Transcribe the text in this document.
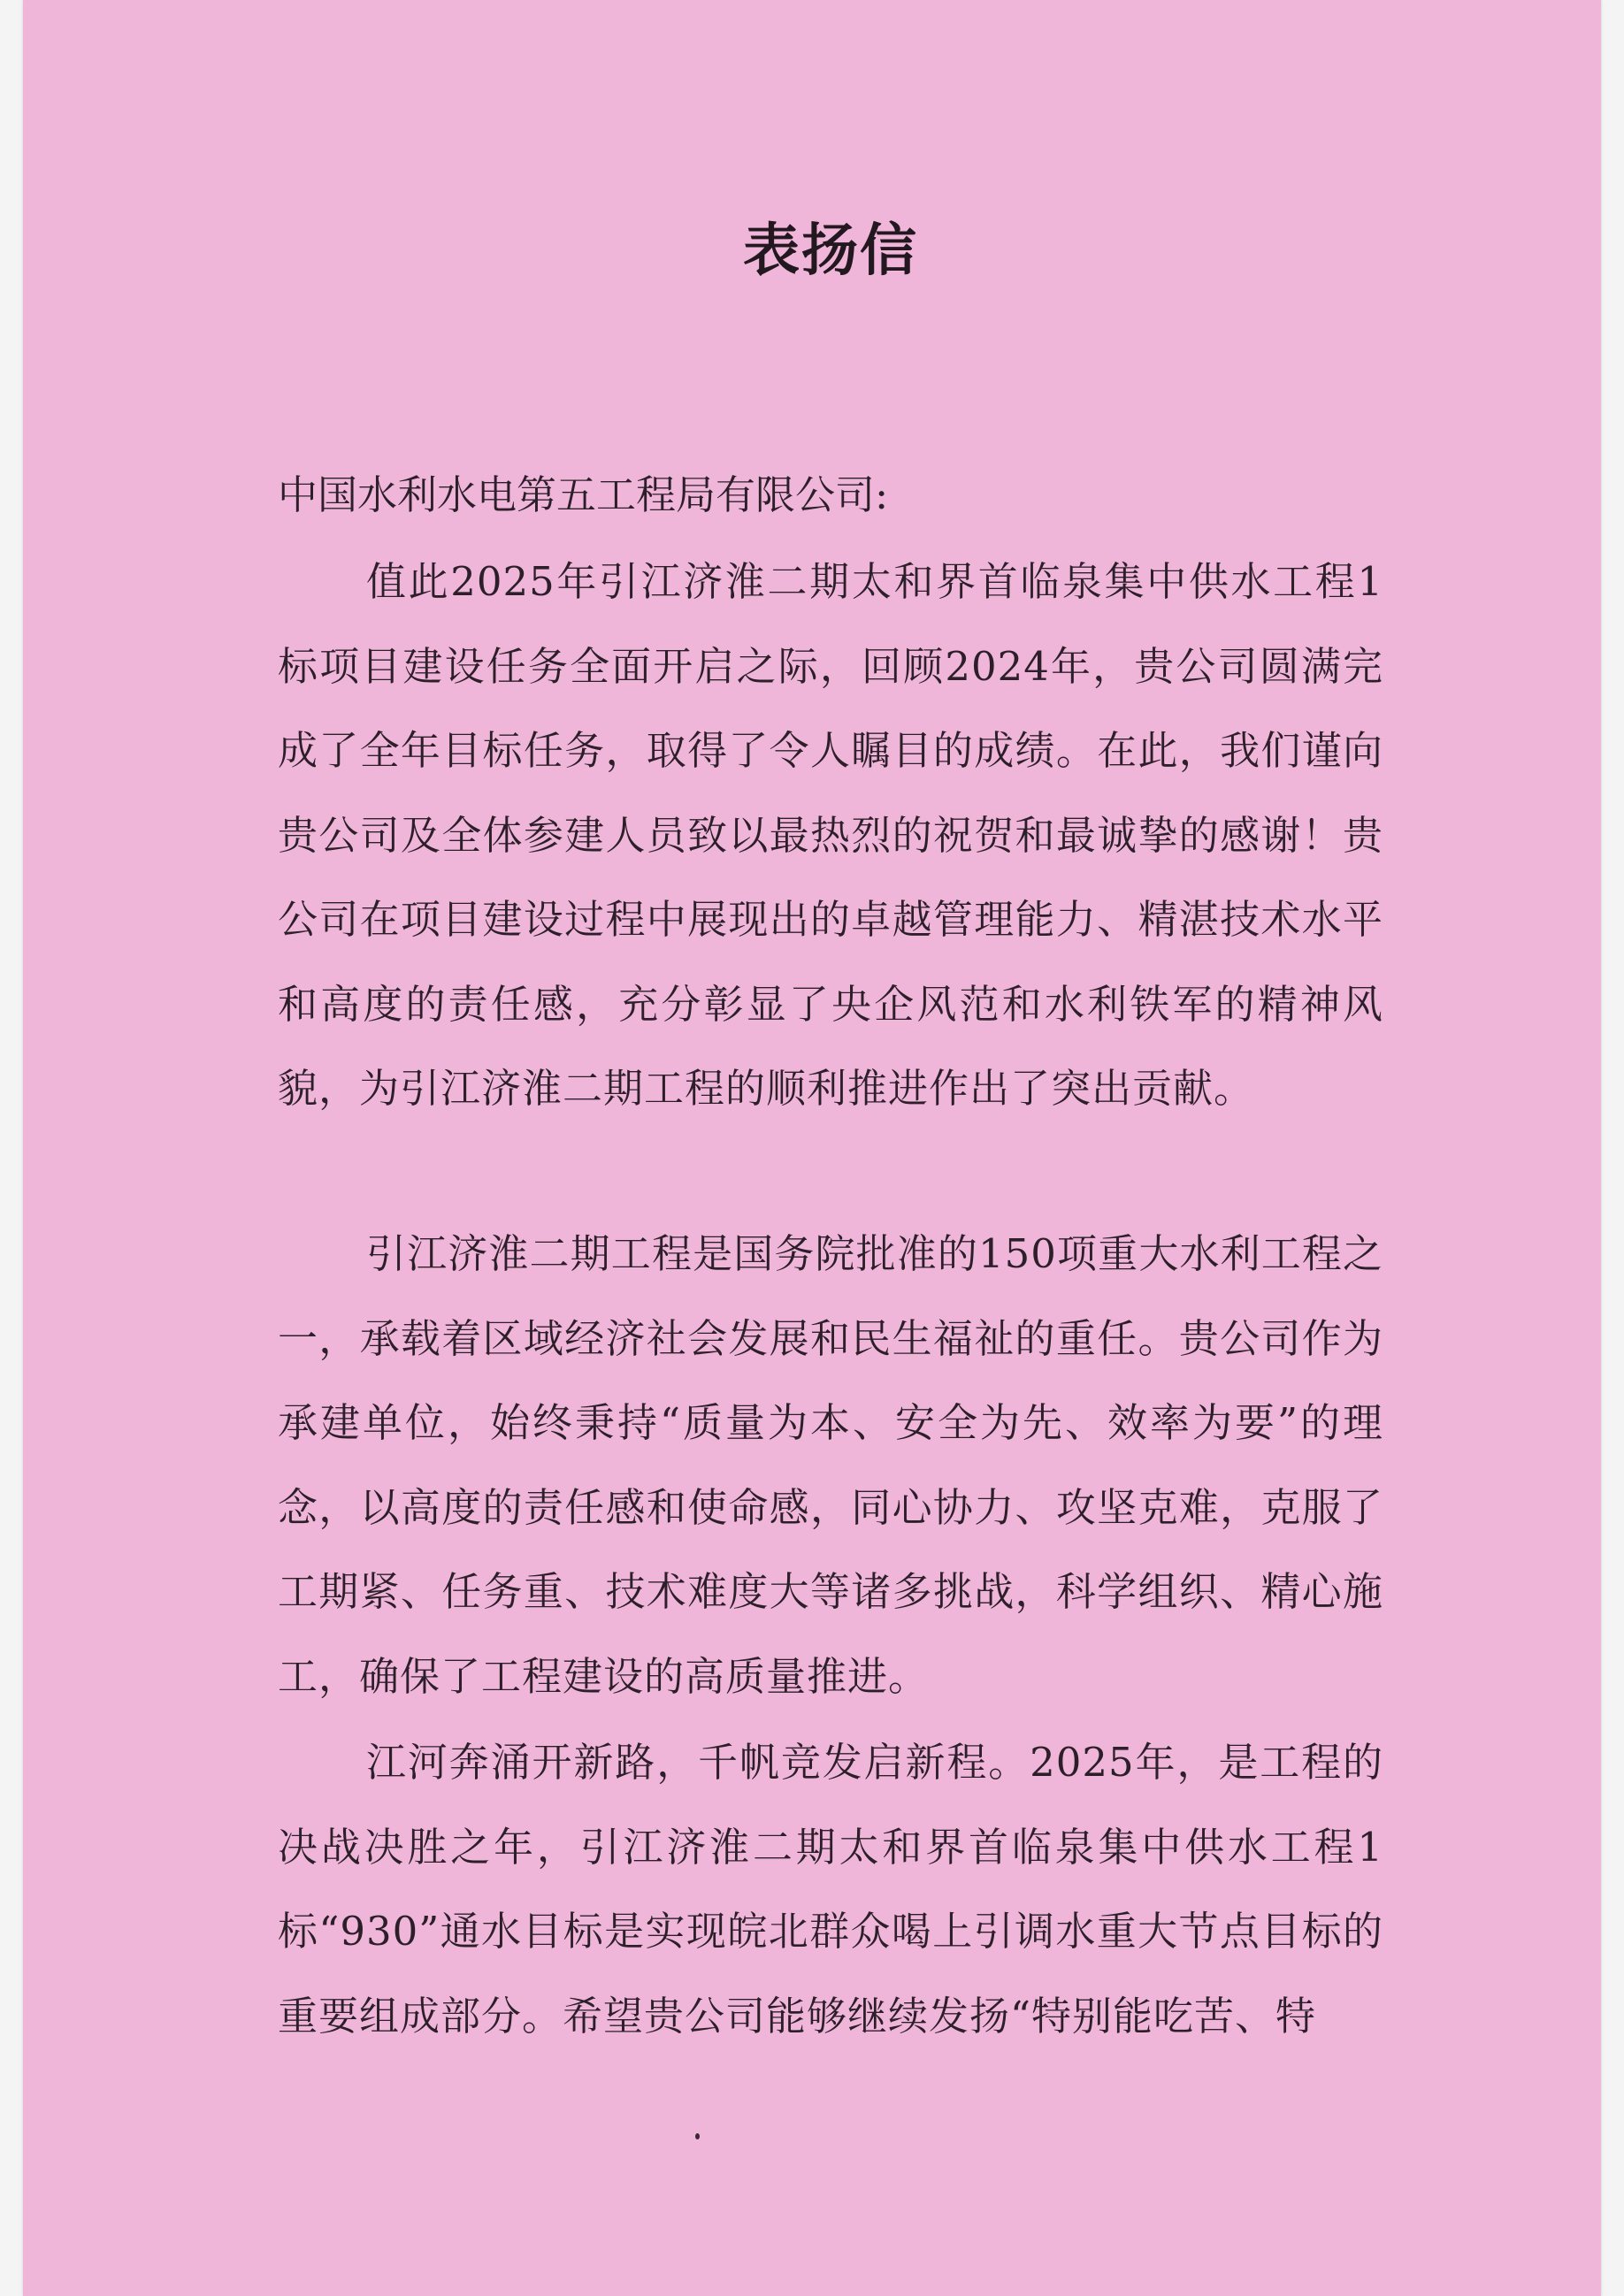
表扬信

中国水利水电第五工程局有限公司:

值此2025年引江济淮二期太和界首临泉集中供水工程1标项目建设任务全面开启之际，回顾2024年，贵公司圆满完成了全年目标任务，取得了令人瞩目的成绩。在此，我们谨向贵公司及全体参建人员致以最热烈的祝贺和最诚挚的感谢！贵公司在项目建设过程中展现出的卓越管理能力、精湛技术水平和高度的责任感，充分彰显了央企风范和水利铁军的精神风貌，为引江济淮二期工程的顺利推进作出了突出贡献。

引江济淮二期工程是国务院批准的150项重大水利工程之一，承载着区域经济社会发展和民生福祉的重任。贵公司作为承建单位，始终秉持“质量为本、安全为先、效率为要”的理念，以高度的责任感和使命感，同心协力、攻坚克难，克服了工期紧、任务重、技术难度大等诸多挑战，科学组织、精心施工，确保了工程建设的高质量推进。

江河奔涌开新路，千帆竞发启新程。2025年，是工程的决战决胜之年，引江济淮二期太和界首临泉集中供水工程1标“930”通水目标是实现皖北群众喝上引调水重大节点目标的重要组成部分。希望贵公司能够继续发扬“特别能吃苦、特
